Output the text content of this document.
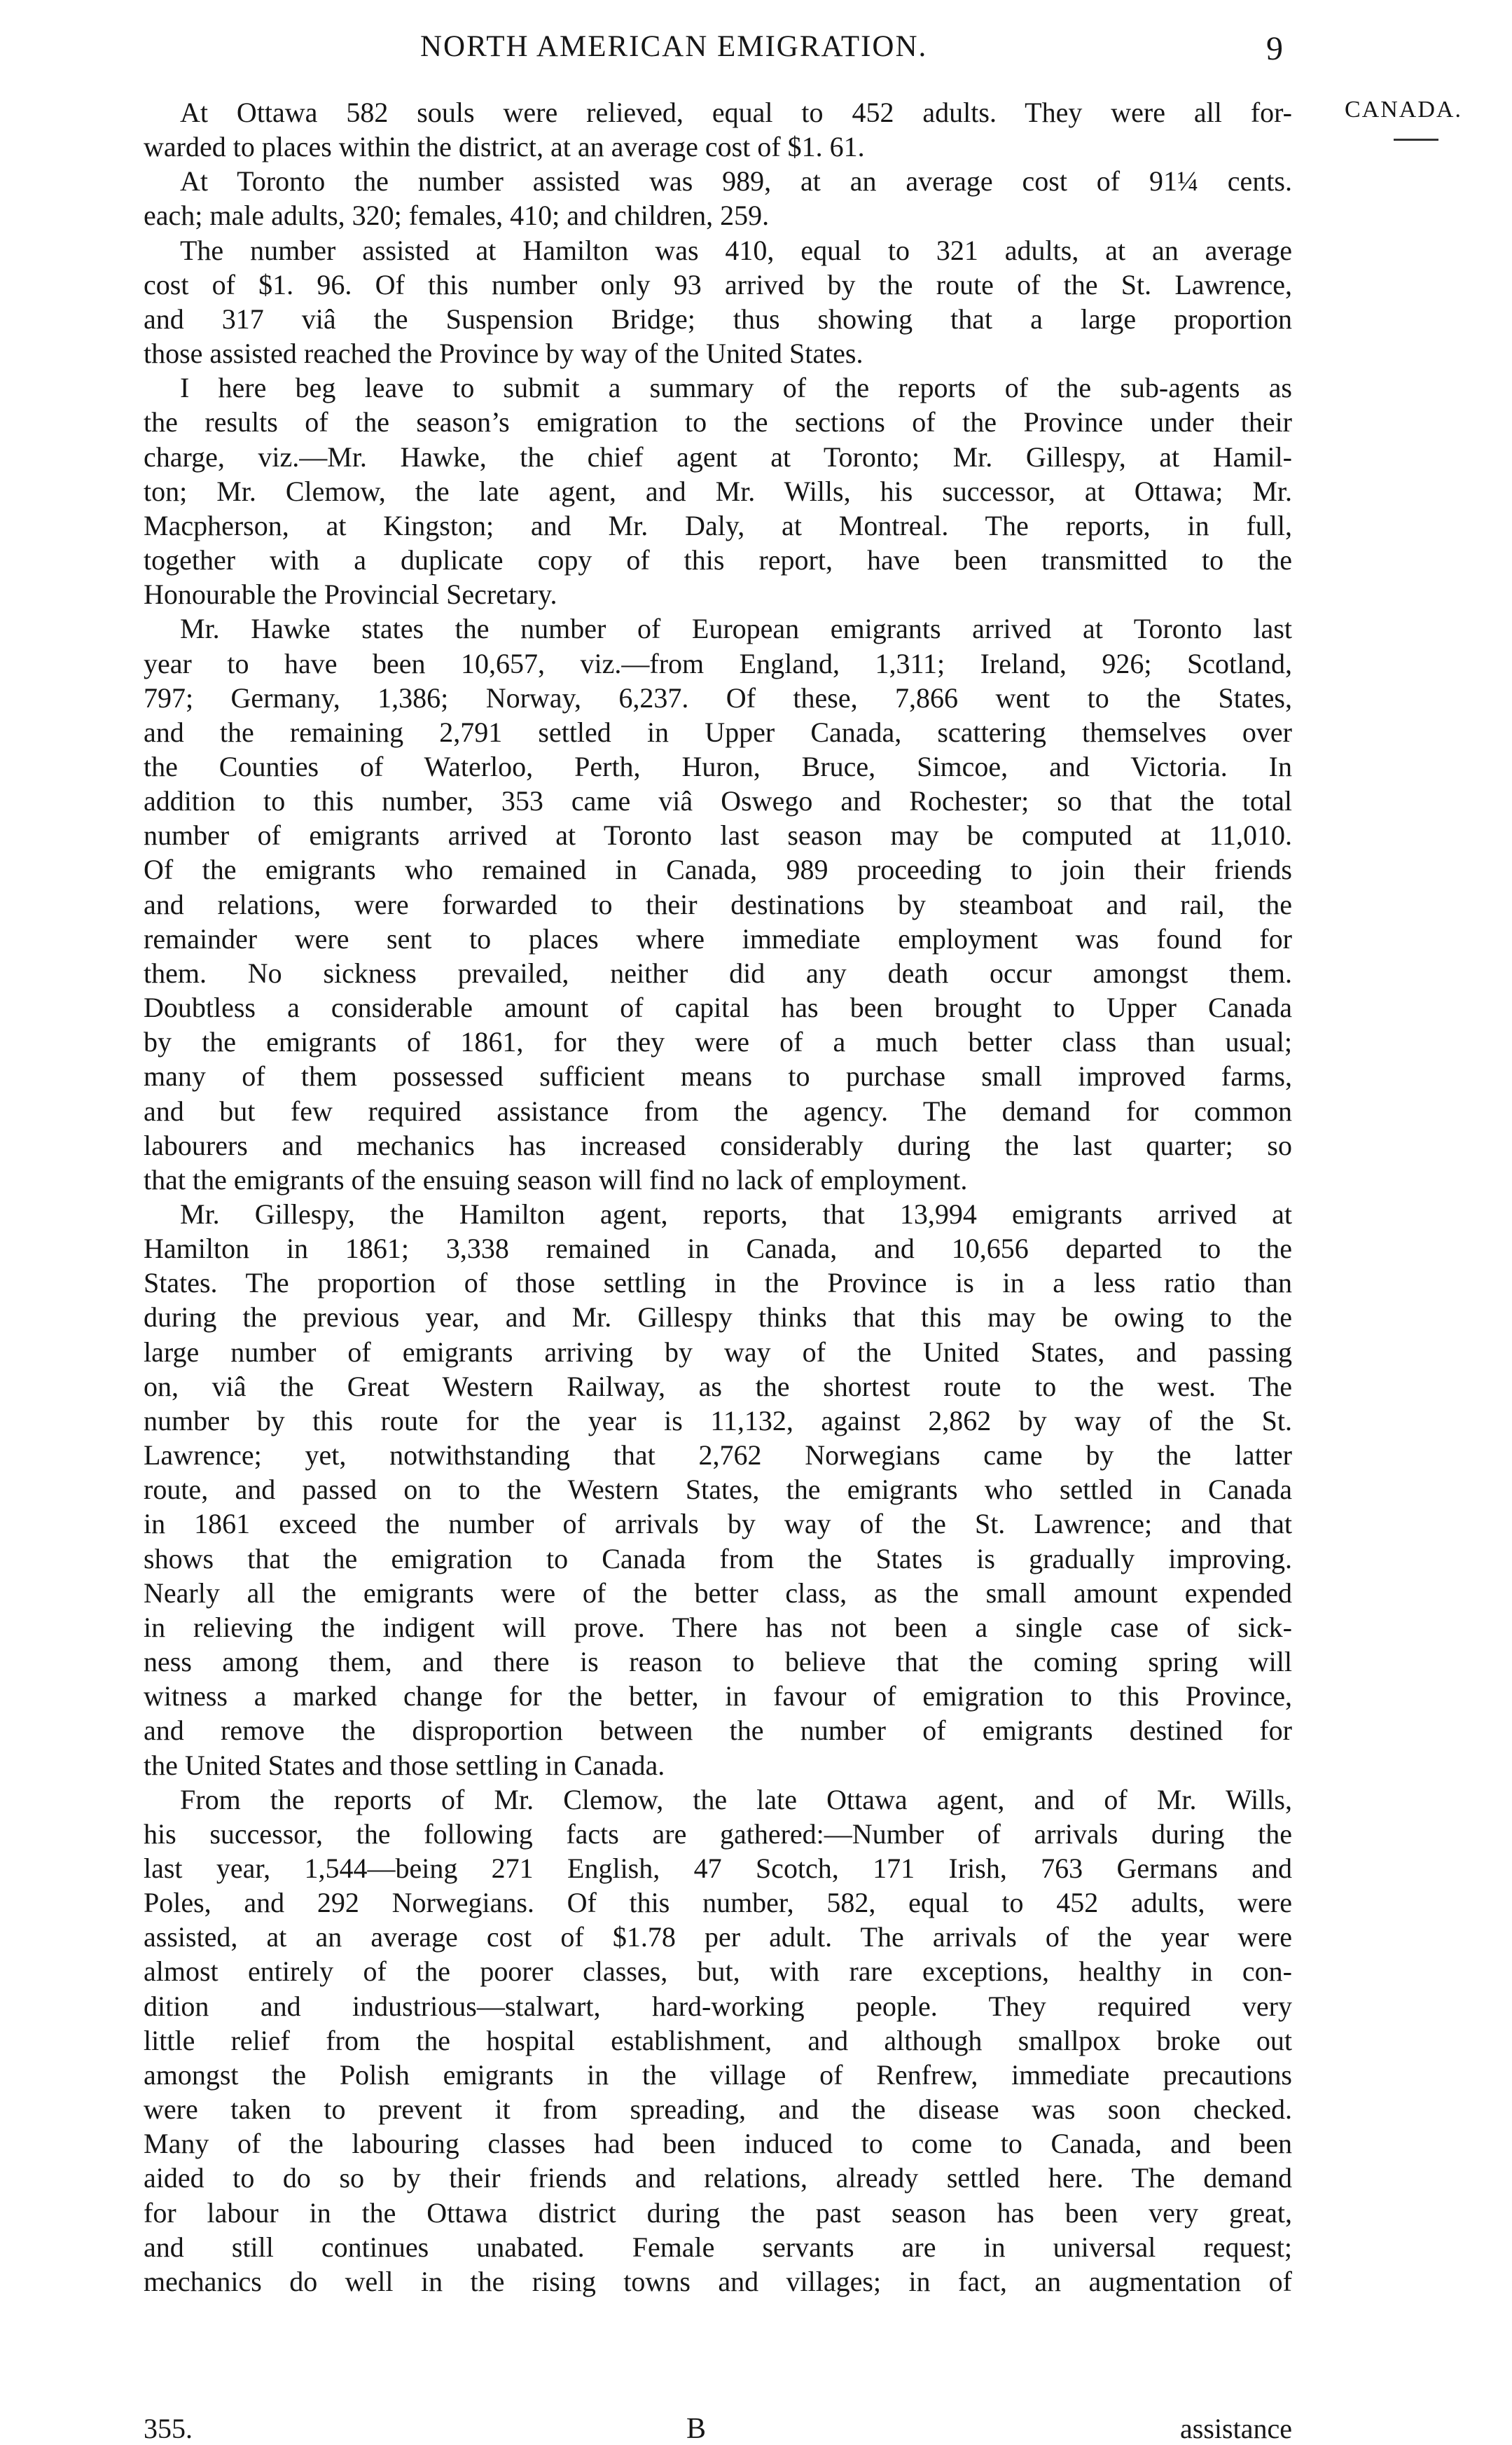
NORTH AMERICAN EMIGRATION.	9
CANADA.
At Ottawa 582 souls were relieved, equal to 452 adults. They were all for-
warded to places within the district, at an average cost of $1. 61.
At Toronto the number assisted was 989, at an average cost of 91¼ cents.
each; male adults, 320; females, 410; and children, 259.
The number assisted at Hamilton was 410, equal to 321 adults, at an average
cost of $1. 96. Of this number only 93 arrived by the route of the St. Lawrence,
and 317 viâ the Suspension Bridge; thus showing that a large proportion
those assisted reached the Province by way of the United States.
I here beg leave to submit a summary of the reports of the sub-agents as
the results of the season’s emigration to the sections of the Province under their
charge, viz.—Mr. Hawke, the chief agent at Toronto; Mr. Gillespy, at Hamil-
ton; Mr. Clemow, the late agent, and Mr. Wills, his successor, at Ottawa; Mr.
Macpherson, at Kingston; and Mr. Daly, at Montreal. The reports, in full,
together with a duplicate copy of this report, have been transmitted to the
Honourable the Provincial Secretary.
Mr. Hawke states the number of European emigrants arrived at Toronto last
year to have been 10,657, viz.—from England, 1,311; Ireland, 926; Scotland,
797; Germany, 1,386; Norway, 6,237. Of these, 7,866 went to the States,
and the remaining 2,791 settled in Upper Canada, scattering themselves over
the Counties of Waterloo, Perth, Huron, Bruce, Simcoe, and Victoria. In
addition to this number, 353 came viâ Oswego and Rochester; so that the total
number of emigrants arrived at Toronto last season may be computed at 11,010.
Of the emigrants who remained in Canada, 989 proceeding to join their friends
and relations, were forwarded to their destinations by steamboat and rail, the
remainder were sent to places where immediate employment was found for
them. No sickness prevailed, neither did any death occur amongst them.
Doubtless a considerable amount of capital has been brought to Upper Canada
by the emigrants of 1861, for they were of a much better class than usual;
many of them possessed sufficient means to purchase small improved farms,
and but few required assistance from the agency. The demand for common
labourers and mechanics has increased considerably during the last quarter; so
that the emigrants of the ensuing season will find no lack of employment.
Mr. Gillespy, the Hamilton agent, reports, that 13,994 emigrants arrived at
Hamilton in 1861; 3,338 remained in Canada, and 10,656 departed to the
States. The proportion of those settling in the Province is in a less ratio than
during the previous year, and Mr. Gillespy thinks that this may be owing to the
large number of emigrants arriving by way of the United States, and passing
on, viâ the Great Western Railway, as the shortest route to the west. The
number by this route for the year is 11,132, against 2,862 by way of the St.
Lawrence; yet, notwithstanding that 2,762 Norwegians came by the latter
route, and passed on to the Western States, the emigrants who settled in Canada
in 1861 exceed the number of arrivals by way of the St. Lawrence; and that
shows that the emigration to Canada from the States is gradually improving.
Nearly all the emigrants were of the better class, as the small amount expended
in relieving the indigent will prove. There has not been a single case of sick-
ness among them, and there is reason to believe that the coming spring will
witness a marked change for the better, in favour of emigration to this Province,
and remove the disproportion between the number of emigrants destined for
the United States and those settling in Canada.
From the reports of Mr. Clemow, the late Ottawa agent, and of Mr. Wills,
his successor, the following facts are gathered:—Number of arrivals during the
last year, 1,544—being 271 English, 47 Scotch, 171 Irish, 763 Germans and
Poles, and 292 Norwegians. Of this number, 582, equal to 452 adults, were
assisted, at an average cost of $1.78 per adult. The arrivals of the year were
almost entirely of the poorer classes, but, with rare exceptions, healthy in con-
dition and industrious—stalwart, hard-working people. They required very
little relief from the hospital establishment, and although smallpox broke out
amongst the Polish emigrants in the village of Renfrew, immediate precautions
were taken to prevent it from spreading, and the disease was soon checked.
Many of the labouring classes had been induced to come to Canada, and been
aided to do so by their friends and relations, already settled here. The demand
for labour in the Ottawa district during the past season has been very great,
and still continues unabated. Female servants are in universal request;
mechanics do well in the rising towns and villages; in fact, an augmentation of
355.	B	assistance
